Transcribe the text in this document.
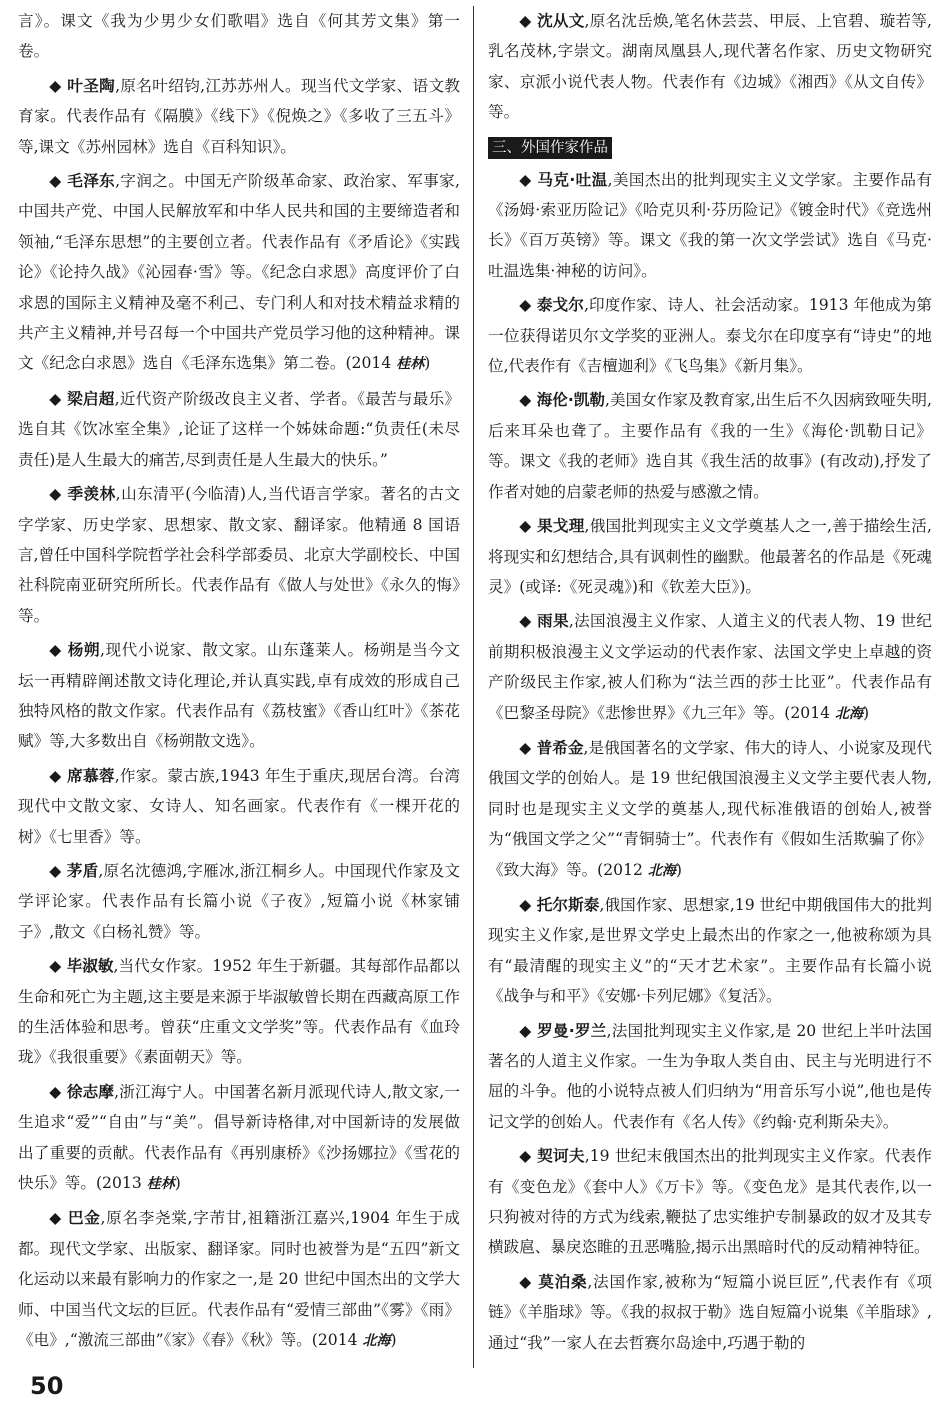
言》。课文《我为少男少女们歌唱》选自《何其芳文集》第一卷。

◆ 叶圣陶,原名叶绍钧,江苏苏州人。现当代文学家、语文教育家。代表作品有《隔膜》《线下》《倪焕之》《多收了三五斗》等,课文《苏州园林》选自《百科知识》。

◆ 毛泽东,字润之。中国无产阶级革命家、政治家、军事家,中国共产党、中国人民解放军和中华人民共和国的主要缔造者和领袖,“毛泽东思想”的主要创立者。代表作品有《矛盾论》《实践论》《论持久战》《沁园春·雪》等。《纪念白求恩》高度评价了白求恩的国际主义精神及毫不利己、专门利人和对技术精益求精的共产主义精神,并号召每一个中国共产党员学习他的这种精神。课文《纪念白求恩》选自《毛泽东选集》第二卷。(2014 桂林)

◆ 梁启超,近代资产阶级改良主义者、学者。《最苦与最乐》选自其《饮冰室全集》,论证了这样一个姊妹命题:“负责任(未尽责任)是人生最大的痛苦,尽到责任是人生最大的快乐。”

◆ 季羡林,山东清平(今临清)人,当代语言学家。著名的古文字学家、历史学家、思想家、散文家、翻译家。他精通 8 国语言,曾任中国科学院哲学社会科学部委员、北京大学副校长、中国社科院南亚研究所所长。代表作品有《做人与处世》《永久的悔》等。

◆ 杨朔,现代小说家、散文家。山东蓬莱人。杨朔是当今文坛一再精辟阐述散文诗化理论,并认真实践,卓有成效的形成自己独特风格的散文作家。代表作品有《荔枝蜜》《香山红叶》《茶花赋》等,大多数出自《杨朔散文选》。

◆ 席慕蓉,作家。蒙古族,1943 年生于重庆,现居台湾。台湾现代中文散文家、女诗人、知名画家。代表作有《一棵开花的树》《七里香》等。

◆ 茅盾,原名沈德鸿,字雁冰,浙江桐乡人。中国现代作家及文学评论家。代表作品有长篇小说《子夜》,短篇小说《林家铺子》,散文《白杨礼赞》等。

◆ 毕淑敏,当代女作家。1952 年生于新疆。其每部作品都以生命和死亡为主题,这主要是来源于毕淑敏曾长期在西藏高原工作的生活体验和思考。曾获“庄重文文学奖”等。代表作品有《血玲珑》《我很重要》《素面朝天》等。

◆ 徐志摩,浙江海宁人。中国著名新月派现代诗人,散文家,一生追求“爱”“自由”与“美”。倡导新诗格律,对中国新诗的发展做出了重要的贡献。代表作品有《再别康桥》《沙扬娜拉》《雪花的快乐》等。(2013 桂林)

◆ 巴金,原名李尧棠,字芾甘,祖籍浙江嘉兴,1904 年生于成都。现代文学家、出版家、翻译家。同时也被誉为是“五四”新文化运动以来最有影响力的作家之一,是 20 世纪中国杰出的文学大师、中国当代文坛的巨匠。代表作品有“爱情三部曲”《雾》《雨》《电》,“激流三部曲”《家》《春》《秋》等。(2014 北海)

◆ 沈从文,原名沈岳焕,笔名休芸芸、甲辰、上官碧、璇若等,乳名茂林,字崇文。湖南凤凰县人,现代著名作家、历史文物研究家、京派小说代表人物。代表作有《边城》《湘西》《从文自传》等。

三、外国作家作品

◆ 马克·吐温,美国杰出的批判现实主义文学家。主要作品有《汤姆·索亚历险记》《哈克贝利·芬历险记》《镀金时代》《竞选州长》《百万英镑》等。课文《我的第一次文学尝试》选自《马克·吐温选集·神秘的访问》。

◆ 泰戈尔,印度作家、诗人、社会活动家。1913 年他成为第一位获得诺贝尔文学奖的亚洲人。泰戈尔在印度享有“诗史”的地位,代表作有《吉檀迦利》《飞鸟集》《新月集》。

◆ 海伦·凯勒,美国女作家及教育家,出生后不久因病致哑失明,后来耳朵也聋了。主要作品有《我的一生》《海伦·凯勒日记》等。课文《我的老师》选自其《我生活的故事》(有改动),抒发了作者对她的启蒙老师的热爱与感激之情。

◆ 果戈理,俄国批判现实主义文学奠基人之一,善于描绘生活,将现实和幻想结合,具有讽刺性的幽默。他最著名的作品是《死魂灵》(或译:《死灵魂》)和《钦差大臣》)。

◆ 雨果,法国浪漫主义作家、人道主义的代表人物、19 世纪前期积极浪漫主义文学运动的代表作家、法国文学史上卓越的资产阶级民主作家,被人们称为“法兰西的莎士比亚”。代表作品有《巴黎圣母院》《悲惨世界》《九三年》等。(2014 北海)

◆ 普希金,是俄国著名的文学家、伟大的诗人、小说家及现代俄国文学的创始人。是 19 世纪俄国浪漫主义文学主要代表人物,同时也是现实主义文学的奠基人,现代标准俄语的创始人,被誉为“俄国文学之父”“青铜骑士”。代表作有《假如生活欺骗了你》《致大海》等。(2012 北海)

◆ 托尔斯泰,俄国作家、思想家,19 世纪中期俄国伟大的批判现实主义作家,是世界文学史上最杰出的作家之一,他被称颂为具有“最清醒的现实主义”的“天才艺术家”。主要作品有长篇小说《战争与和平》《安娜·卡列尼娜》《复活》。

◆ 罗曼·罗兰,法国批判现实主义作家,是 20 世纪上半叶法国著名的人道主义作家。一生为争取人类自由、民主与光明进行不屈的斗争。他的小说特点被人们归纳为“用音乐写小说”,他也是传记文学的创始人。代表作有《名人传》《约翰·克利斯朵夫》。

◆ 契诃夫,19 世纪末俄国杰出的批判现实主义作家。代表作有《变色龙》《套中人》《万卡》等。《变色龙》是其代表作,以一只狗被对待的方式为线索,鞭挞了忠实维护专制暴政的奴才及其专横跋扈、暴戾恣睢的丑恶嘴脸,揭示出黑暗时代的反动精神特征。

◆ 莫泊桑,法国作家,被称为“短篇小说巨匠”,代表作有《项链》《羊脂球》等。《我的叔叔于勒》选自短篇小说集《羊脂球》,通过“我”一家人在去哲赛尔岛途中,巧遇于勒的

50
